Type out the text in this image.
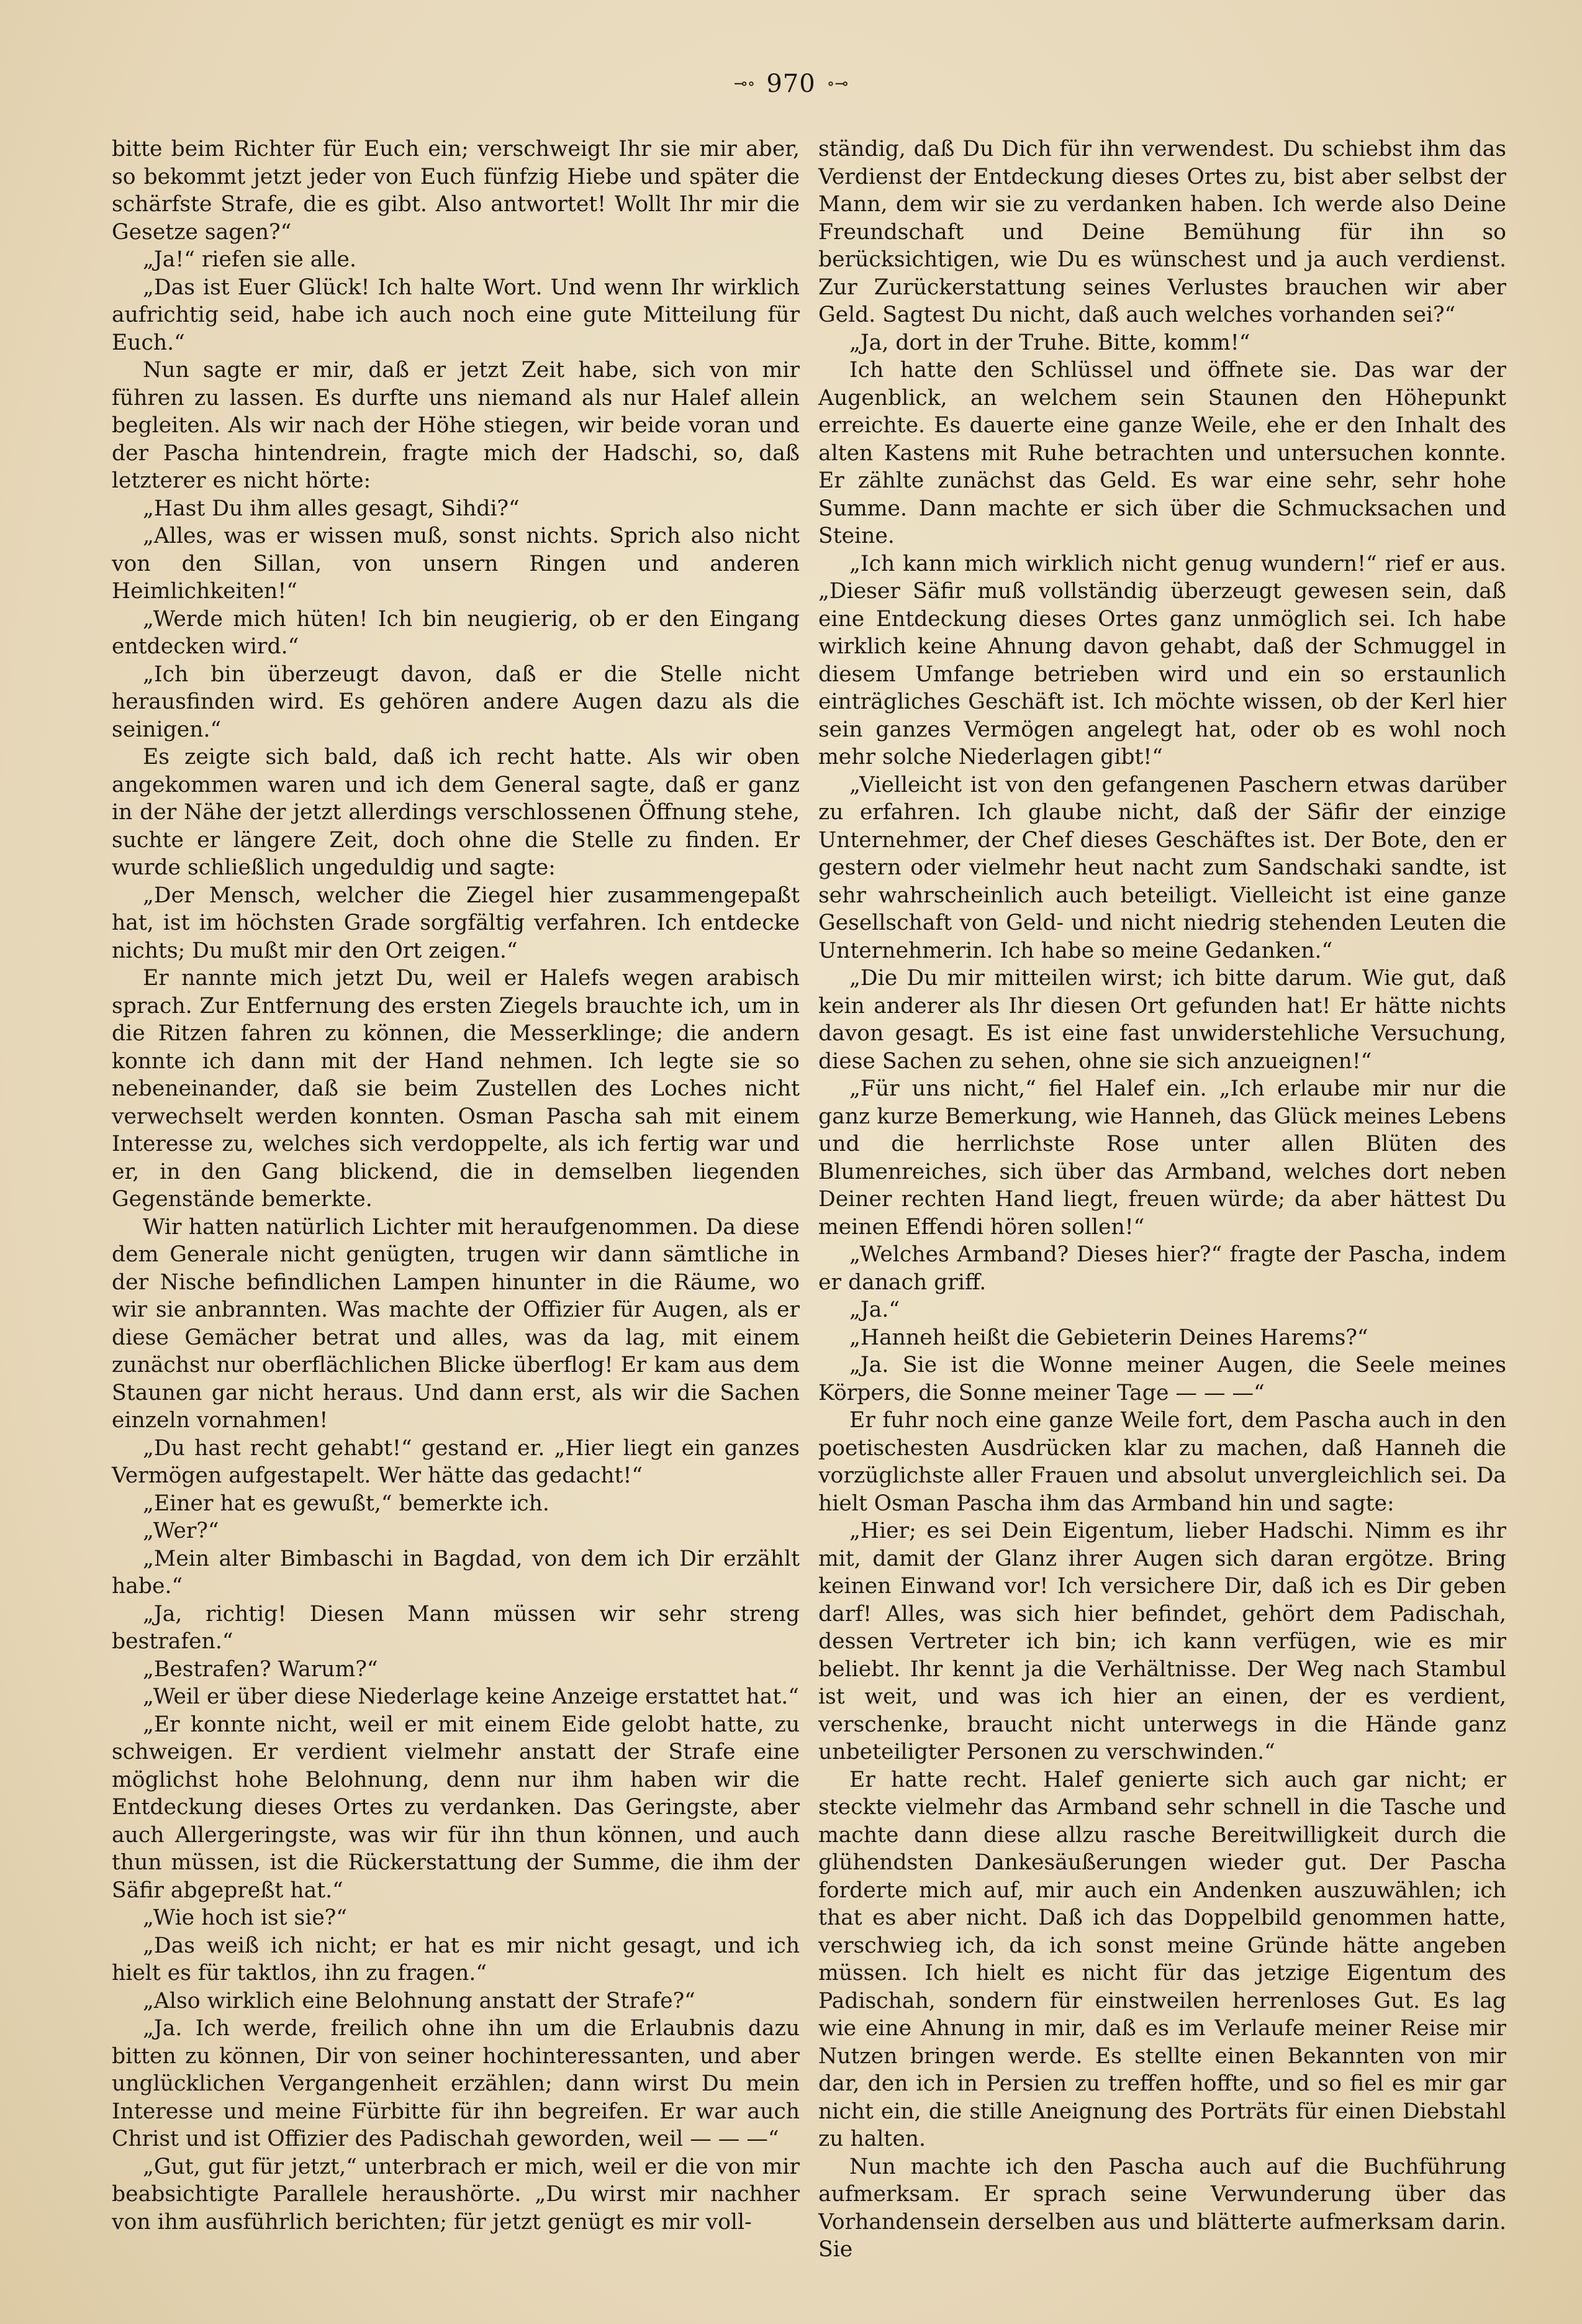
⊸∘ 970 ∘⊸

bitte beim Richter für Euch ein; verschweigt Ihr sie mir aber, so bekommt jetzt jeder von Euch fünfzig Hiebe und später die schärfste Strafe, die es gibt. Also antwortet! Wollt Ihr mir die Gesetze sagen?“

„Ja!“ riefen sie alle.

„Das ist Euer Glück! Ich halte Wort. Und wenn Ihr wirklich aufrichtig seid, habe ich auch noch eine gute Mitteilung für Euch.“

Nun sagte er mir, daß er jetzt Zeit habe, sich von mir führen zu lassen. Es durfte uns niemand als nur Halef allein begleiten. Als wir nach der Höhe stiegen, wir beide voran und der Pascha hintendrein, fragte mich der Hadschi, so, daß letzterer es nicht hörte:

„Hast Du ihm alles gesagt, Sihdi?“

„Alles, was er wissen muß, sonst nichts. Sprich also nicht von den Sillan, von unsern Ringen und anderen Heimlichkeiten!“

„Werde mich hüten! Ich bin neugierig, ob er den Eingang entdecken wird.“

„Ich bin überzeugt davon, daß er die Stelle nicht herausfinden wird. Es gehören andere Augen dazu als die seinigen.“

Es zeigte sich bald, daß ich recht hatte. Als wir oben angekommen waren und ich dem General sagte, daß er ganz in der Nähe der jetzt allerdings verschlossenen Öffnung stehe, suchte er längere Zeit, doch ohne die Stelle zu finden. Er wurde schließlich ungeduldig und sagte:

„Der Mensch, welcher die Ziegel hier zusammengepaßt hat, ist im höchsten Grade sorgfältig verfahren. Ich entdecke nichts; Du mußt mir den Ort zeigen.“

Er nannte mich jetzt Du, weil er Halefs wegen arabisch sprach. Zur Entfernung des ersten Ziegels brauchte ich, um in die Ritzen fahren zu können, die Messerklinge; die andern konnte ich dann mit der Hand nehmen. Ich legte sie so nebeneinander, daß sie beim Zustellen des Loches nicht verwechselt werden konnten. Osman Pascha sah mit einem Interesse zu, welches sich verdoppelte, als ich fertig war und er, in den Gang blickend, die in demselben liegenden Gegenstände bemerkte.

Wir hatten natürlich Lichter mit heraufgenommen. Da diese dem Generale nicht genügten, trugen wir dann sämtliche in der Nische befindlichen Lampen hinunter in die Räume, wo wir sie anbrannten. Was machte der Offizier für Augen, als er diese Gemächer betrat und alles, was da lag, mit einem zunächst nur oberflächlichen Blicke überflog! Er kam aus dem Staunen gar nicht heraus. Und dann erst, als wir die Sachen einzeln vornahmen!

„Du hast recht gehabt!“ gestand er. „Hier liegt ein ganzes Vermögen aufgestapelt. Wer hätte das gedacht!“

„Einer hat es gewußt,“ bemerkte ich.

„Wer?“

„Mein alter Bimbaschi in Bagdad, von dem ich Dir erzählt habe.“

„Ja, richtig! Diesen Mann müssen wir sehr streng bestrafen.“

„Bestrafen? Warum?“

„Weil er über diese Niederlage keine Anzeige erstattet hat.“

„Er konnte nicht, weil er mit einem Eide gelobt hatte, zu schweigen. Er verdient vielmehr anstatt der Strafe eine möglichst hohe Belohnung, denn nur ihm haben wir die Entdeckung dieses Ortes zu verdanken. Das Geringste, aber auch Allergeringste, was wir für ihn thun können, und auch thun müssen, ist die Rückerstattung der Summe, die ihm der Säfir abgepreßt hat.“

„Wie hoch ist sie?“

„Das weiß ich nicht; er hat es mir nicht gesagt, und ich hielt es für taktlos, ihn zu fragen.“

„Also wirklich eine Belohnung anstatt der Strafe?“

„Ja. Ich werde, freilich ohne ihn um die Erlaubnis dazu bitten zu können, Dir von seiner hochinteressanten, und aber unglücklichen Vergangenheit erzählen; dann wirst Du mein Interesse und meine Fürbitte für ihn begreifen. Er war auch Christ und ist Offizier des Padischah geworden, weil — — —“

„Gut, gut für jetzt,“ unterbrach er mich, weil er die von mir beabsichtigte Parallele heraushörte. „Du wirst mir nachher von ihm ausführlich berichten; für jetzt genügt es mir voll-

ständig, daß Du Dich für ihn verwendest. Du schiebst ihm das Verdienst der Entdeckung dieses Ortes zu, bist aber selbst der Mann, dem wir sie zu verdanken haben. Ich werde also Deine Freundschaft und Deine Bemühung für ihn so berücksichtigen, wie Du es wünschest und ja auch verdienst. Zur Zurückerstattung seines Verlustes brauchen wir aber Geld. Sagtest Du nicht, daß auch welches vorhanden sei?“

„Ja, dort in der Truhe. Bitte, komm!“

Ich hatte den Schlüssel und öffnete sie. Das war der Augenblick, an welchem sein Staunen den Höhepunkt erreichte. Es dauerte eine ganze Weile, ehe er den Inhalt des alten Kastens mit Ruhe betrachten und untersuchen konnte. Er zählte zunächst das Geld. Es war eine sehr, sehr hohe Summe. Dann machte er sich über die Schmucksachen und Steine.

„Ich kann mich wirklich nicht genug wundern!“ rief er aus. „Dieser Säfir muß vollständig überzeugt gewesen sein, daß eine Entdeckung dieses Ortes ganz unmöglich sei. Ich habe wirklich keine Ahnung davon gehabt, daß der Schmuggel in diesem Umfange betrieben wird und ein so erstaunlich einträgliches Geschäft ist. Ich möchte wissen, ob der Kerl hier sein ganzes Vermögen angelegt hat, oder ob es wohl noch mehr solche Niederlagen gibt!“

„Vielleicht ist von den gefangenen Paschern etwas darüber zu erfahren. Ich glaube nicht, daß der Säfir der einzige Unternehmer, der Chef dieses Geschäftes ist. Der Bote, den er gestern oder vielmehr heut nacht zum Sandschaki sandte, ist sehr wahrscheinlich auch beteiligt. Vielleicht ist eine ganze Gesellschaft von Geld- und nicht niedrig stehenden Leuten die Unternehmerin. Ich habe so meine Gedanken.“

„Die Du mir mitteilen wirst; ich bitte darum. Wie gut, daß kein anderer als Ihr diesen Ort gefunden hat! Er hätte nichts davon gesagt. Es ist eine fast unwiderstehliche Versuchung, diese Sachen zu sehen, ohne sie sich anzueignen!“

„Für uns nicht,“ fiel Halef ein. „Ich erlaube mir nur die ganz kurze Bemerkung, wie Hanneh, das Glück meines Lebens und die herrlichste Rose unter allen Blüten des Blumenreiches, sich über das Armband, welches dort neben Deiner rechten Hand liegt, freuen würde; da aber hättest Du meinen Effendi hören sollen!“

„Welches Armband? Dieses hier?“ fragte der Pascha, indem er danach griff.

„Ja.“

„Hanneh heißt die Gebieterin Deines Harems?“

„Ja. Sie ist die Wonne meiner Augen, die Seele meines Körpers, die Sonne meiner Tage — — —“

Er fuhr noch eine ganze Weile fort, dem Pascha auch in den poetischesten Ausdrücken klar zu machen, daß Hanneh die vorzüglichste aller Frauen und absolut unvergleichlich sei. Da hielt Osman Pascha ihm das Armband hin und sagte:

„Hier; es sei Dein Eigentum, lieber Hadschi. Nimm es ihr mit, damit der Glanz ihrer Augen sich daran ergötze. Bring keinen Einwand vor! Ich versichere Dir, daß ich es Dir geben darf! Alles, was sich hier befindet, gehört dem Padischah, dessen Vertreter ich bin; ich kann verfügen, wie es mir beliebt. Ihr kennt ja die Verhältnisse. Der Weg nach Stambul ist weit, und was ich hier an einen, der es verdient, verschenke, braucht nicht unterwegs in die Hände ganz unbeteiligter Personen zu verschwinden.“

Er hatte recht. Halef genierte sich auch gar nicht; er steckte vielmehr das Armband sehr schnell in die Tasche und machte dann diese allzu rasche Bereitwilligkeit durch die glühendsten Dankesäußerungen wieder gut. Der Pascha forderte mich auf, mir auch ein Andenken auszuwählen; ich that es aber nicht. Daß ich das Doppelbild genommen hatte, verschwieg ich, da ich sonst meine Gründe hätte angeben müssen. Ich hielt es nicht für das jetzige Eigentum des Padischah, sondern für einstweilen herrenloses Gut. Es lag wie eine Ahnung in mir, daß es im Verlaufe meiner Reise mir Nutzen bringen werde. Es stellte einen Bekannten von mir dar, den ich in Persien zu treffen hoffte, und so fiel es mir gar nicht ein, die stille Aneignung des Porträts für einen Diebstahl zu halten.

Nun machte ich den Pascha auch auf die Buchführung aufmerksam. Er sprach seine Verwunderung über das Vorhandensein derselben aus und blätterte aufmerksam darin. Sie
